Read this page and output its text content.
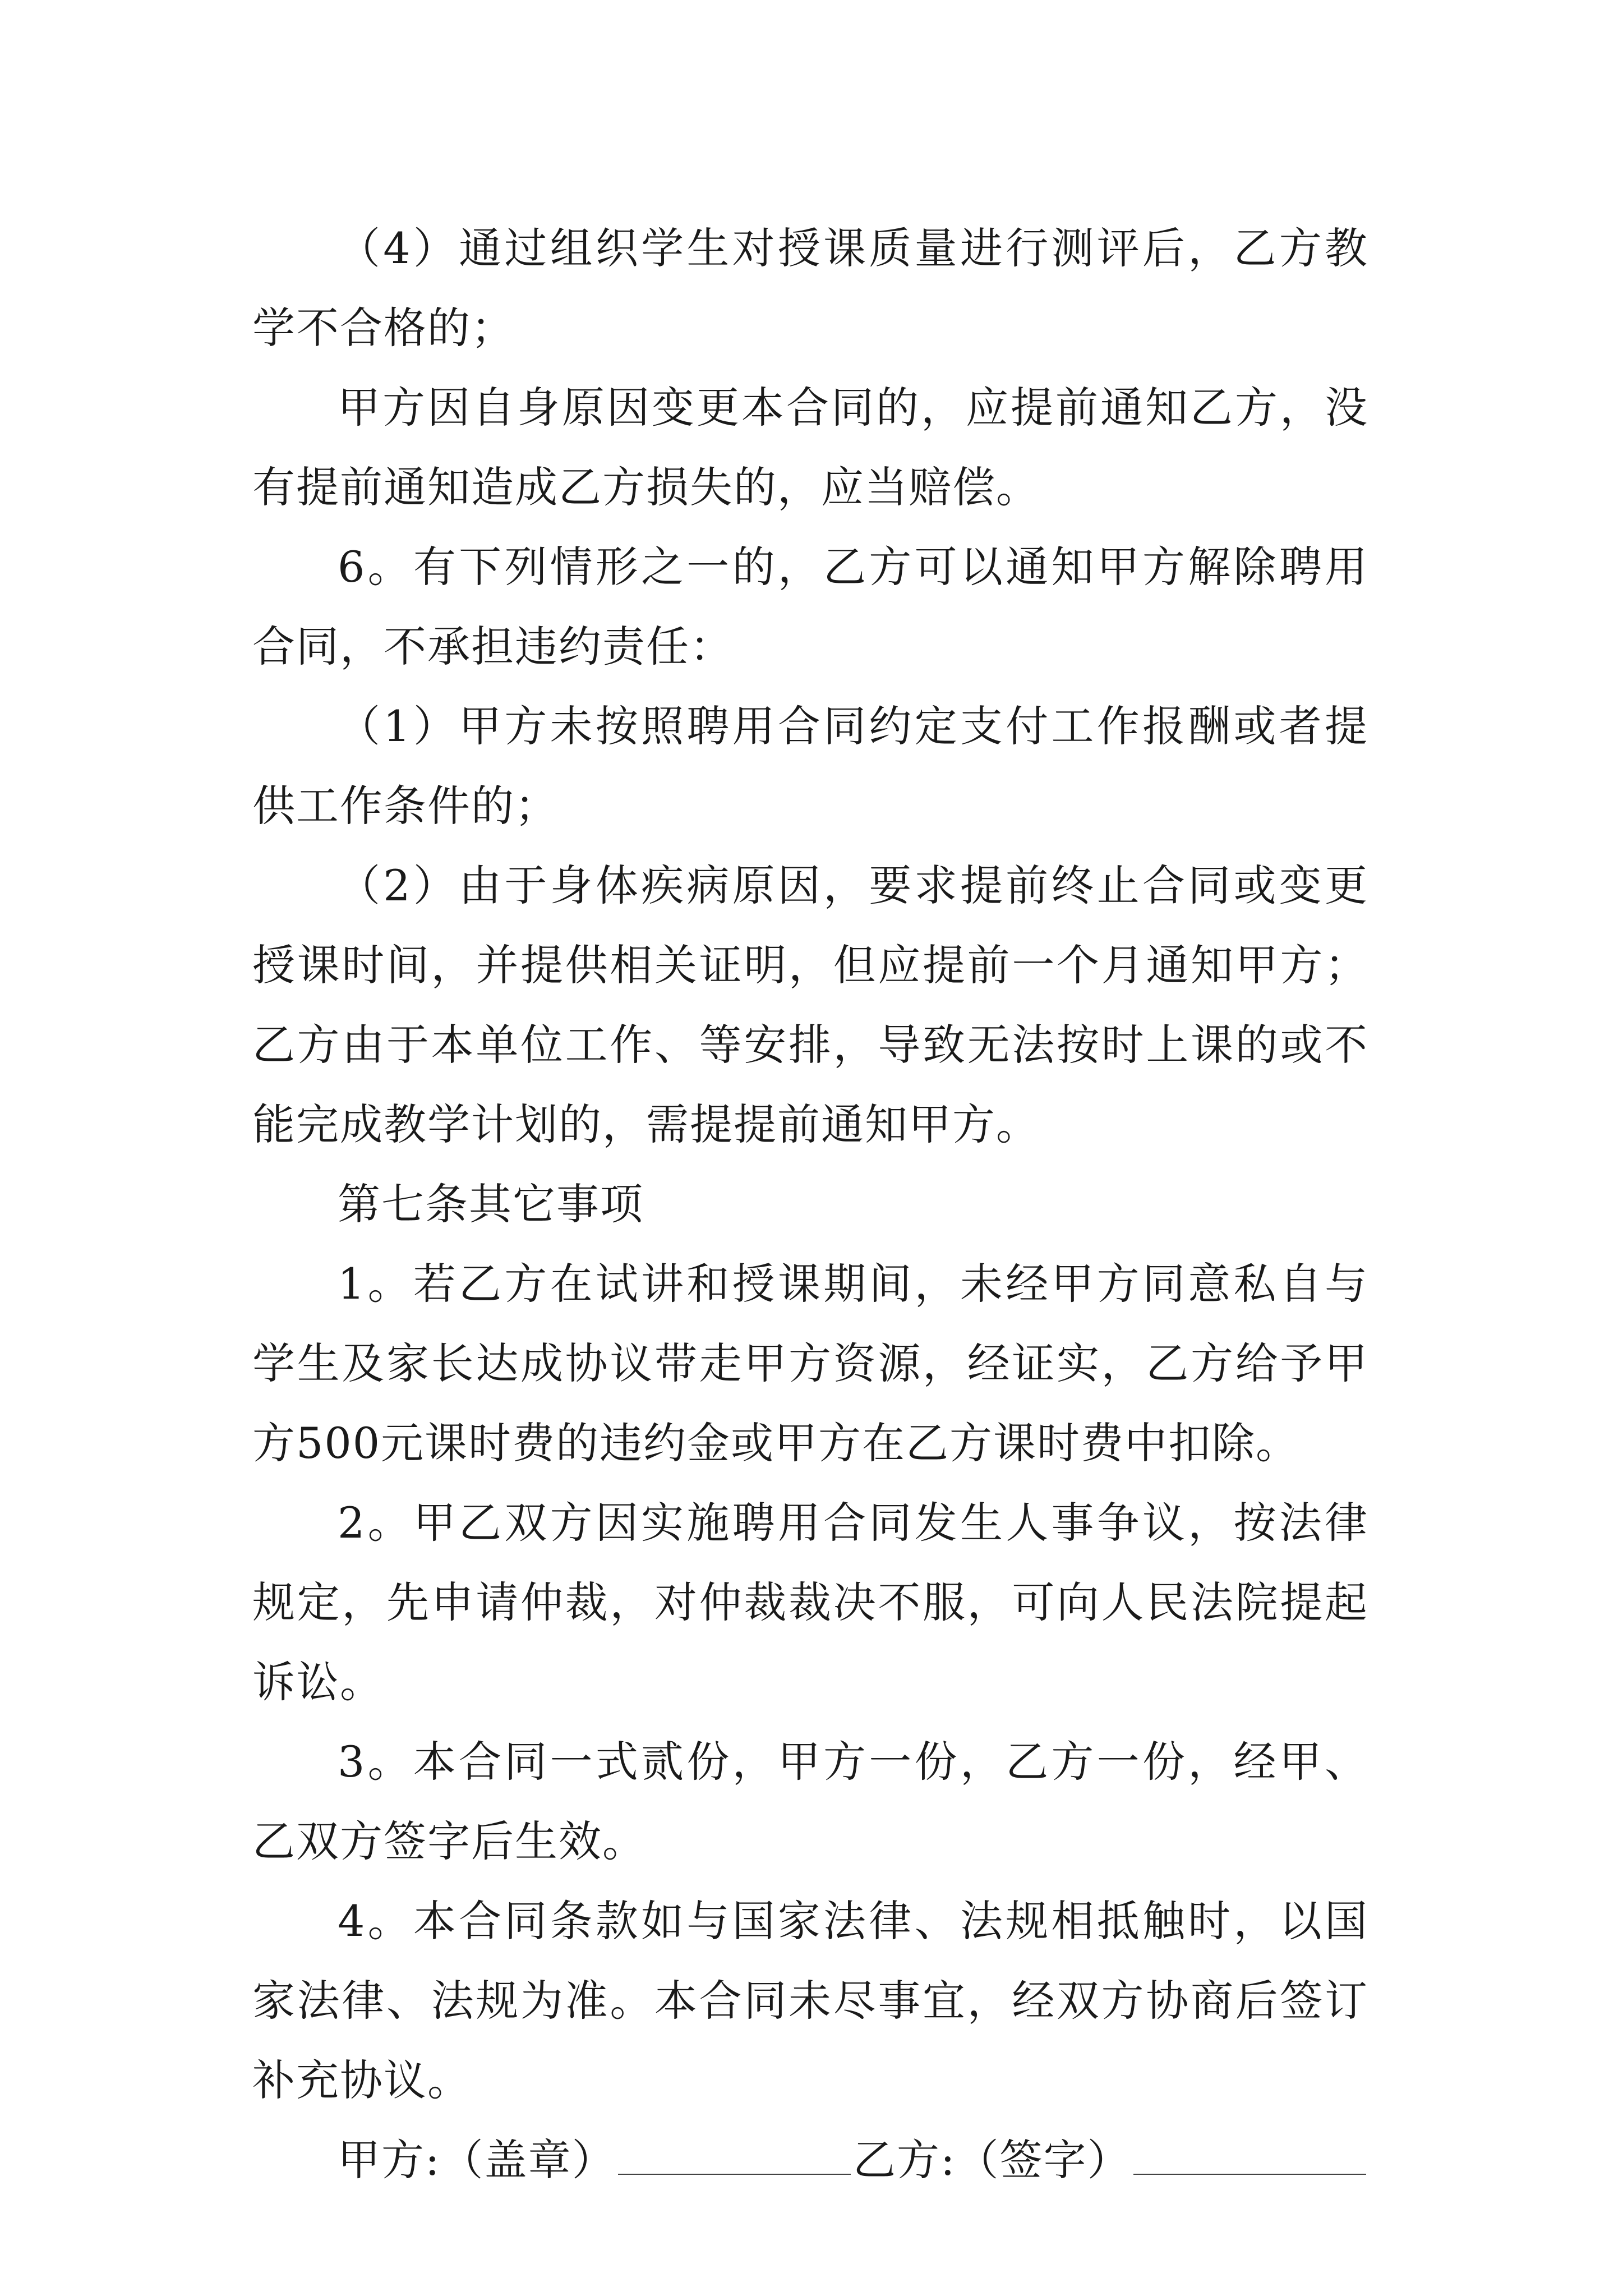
（4）通过组织学生对授课质量进行测评后，乙方教学不合格的；

甲方因自身原因变更本合同的，应提前通知乙方，没有提前通知造成乙方损失的，应当赔偿。

6。有下列情形之一的，乙方可以通知甲方解除聘用合同，不承担违约责任：

（1）甲方未按照聘用合同约定支付工作报酬或者提供工作条件的；

（2）由于身体疾病原因，要求提前终止合同或变更授课时间，并提供相关证明，但应提前一个月通知甲方；乙方由于本单位工作、等安排，导致无法按时上课的或不能完成教学计划的，需提提前通知甲方。

第七条其它事项

1。若乙方在试讲和授课期间，未经甲方同意私自与学生及家长达成协议带走甲方资源，经证实，乙方给予甲方500元课时费的违约金或甲方在乙方课时费中扣除。

2。甲乙双方因实施聘用合同发生人事争议，按法律规定，先申请仲裁，对仲裁裁决不服，可向人民法院提起诉讼。

3。本合同一式贰份，甲方一份，乙方一份，经甲、乙双方签字后生效。

4。本合同条款如与国家法律、法规相抵触时，以国家法律、法规为准。本合同未尽事宜，经双方协商后签订补充协议。

甲方:（盖章）	乙方:（签字）
